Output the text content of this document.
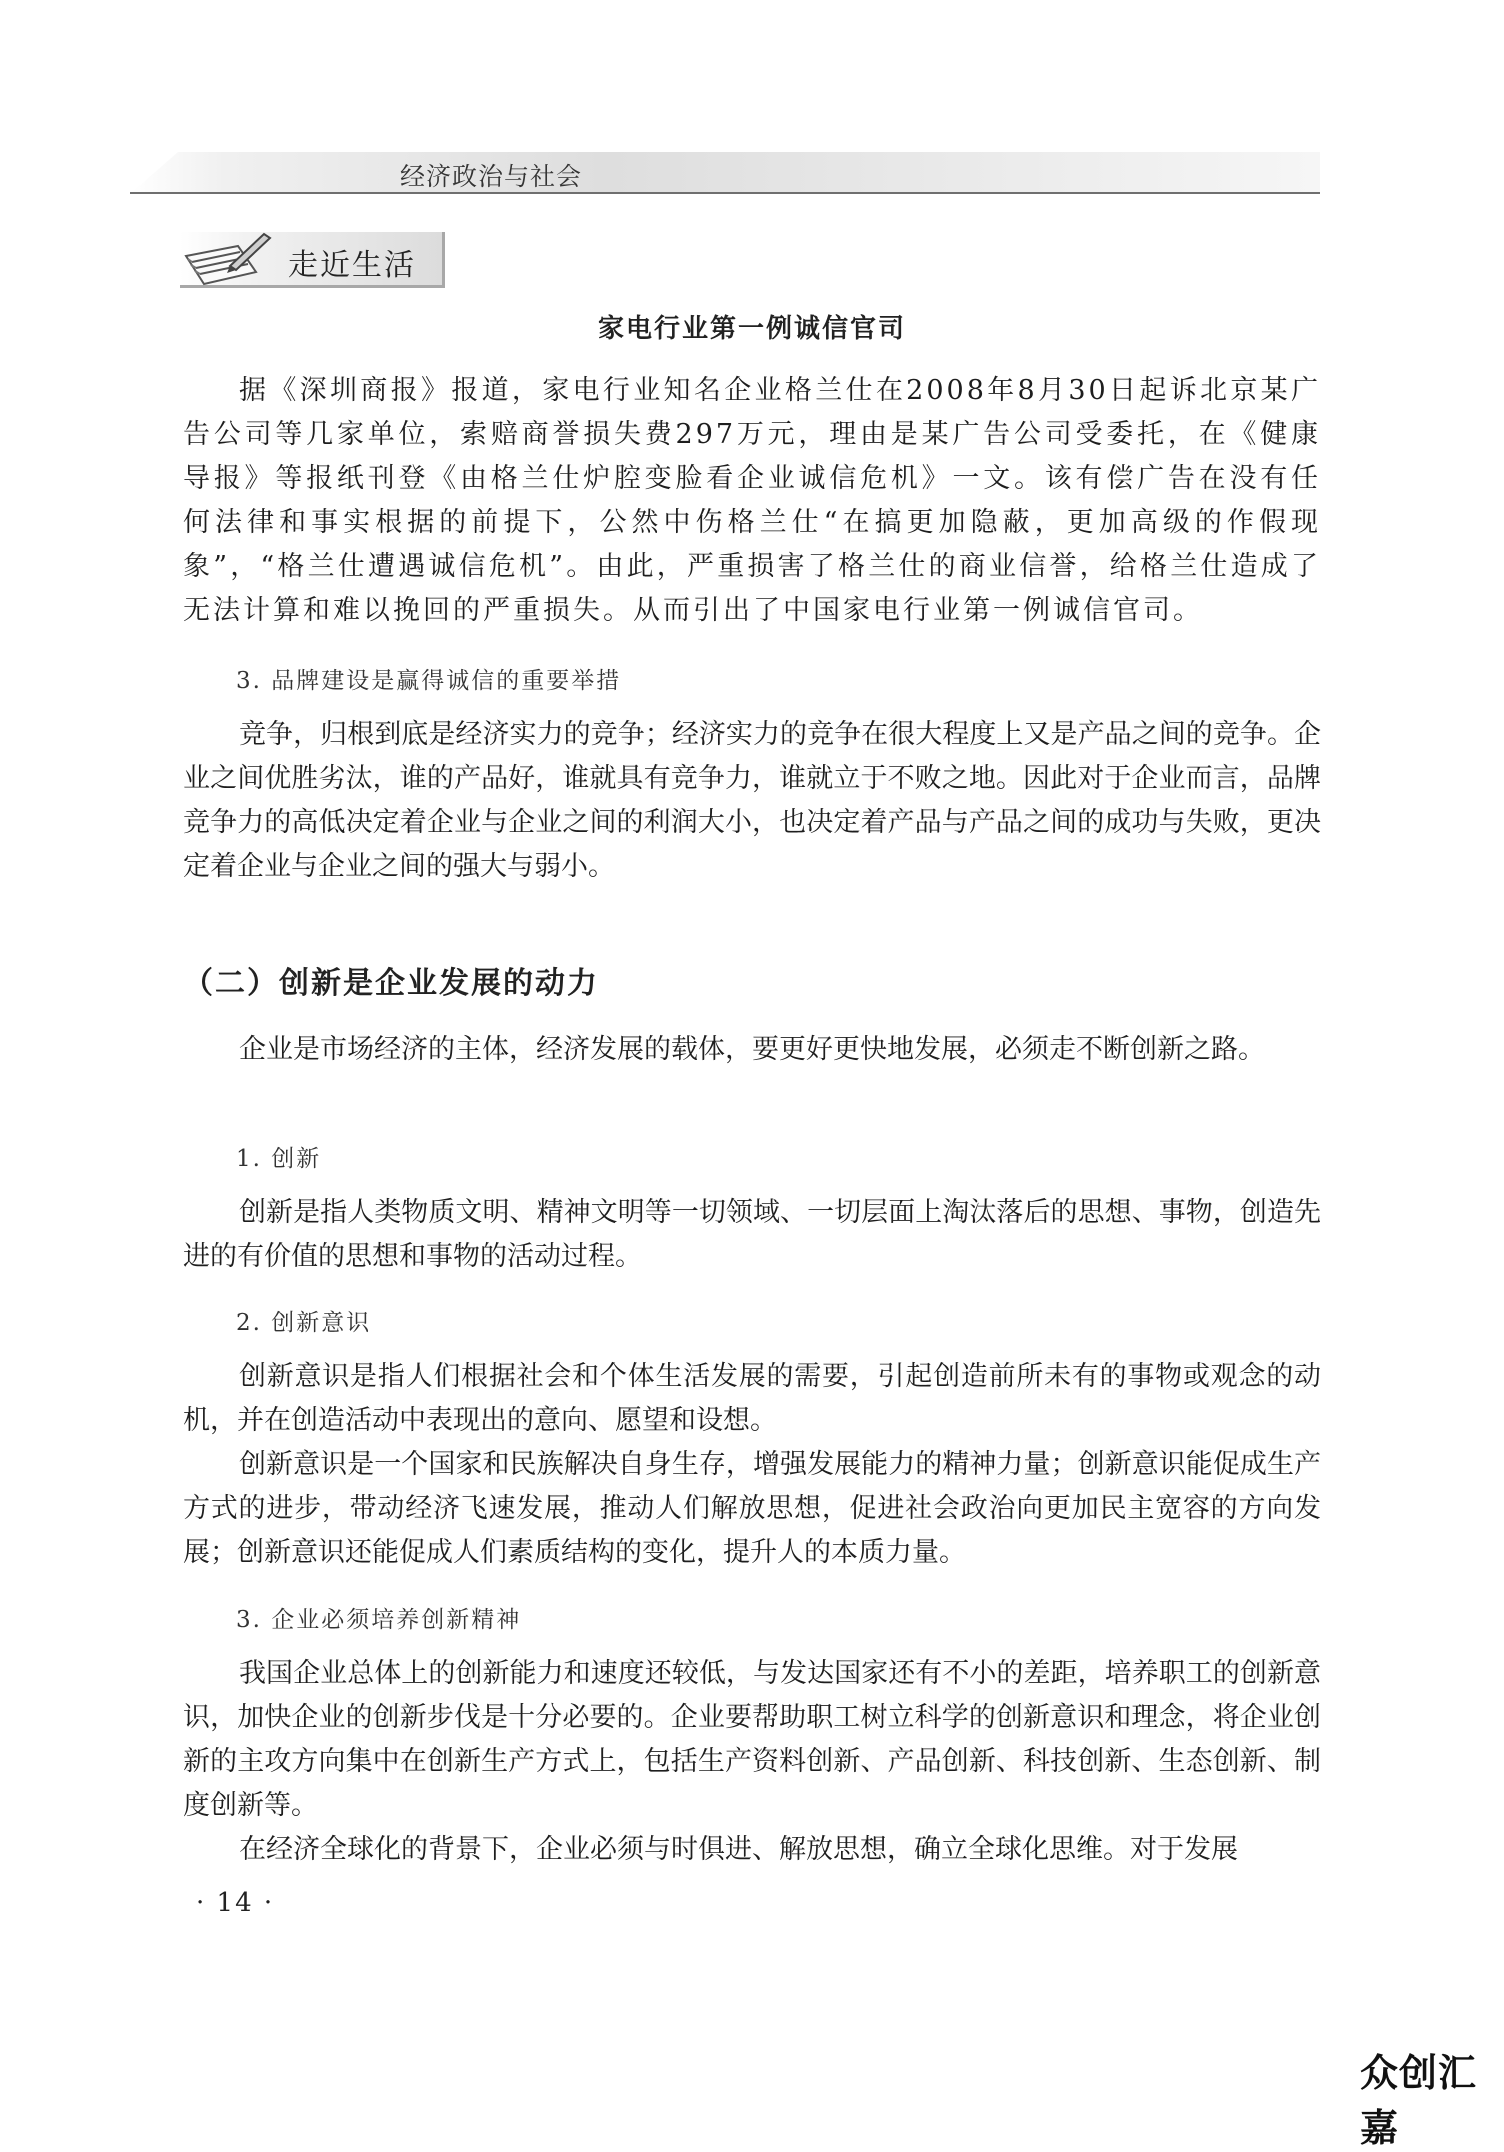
经济政治与社会
走近生活
家电行业第一例诚信官司

据《深圳商报》报道，家电行业知名企业格兰仕在2008年8月30日起诉北京某广告公司等几家单位，索赔商誉损失费297万元，理由是某广告公司受委托，在《健康导报》等报纸刊登《由格兰仕炉腔变脸看企业诚信危机》一文。该有偿广告在没有任何法律和事实根据的前提下，公然中伤格兰仕“在搞更加隐蔽，更加高级的作假现象”，“格兰仕遭遇诚信危机”。由此，严重损害了格兰仕的商业信誉，给格兰仕造成了无法计算和难以挽回的严重损失。从而引出了中国家电行业第一例诚信官司。

3. 品牌建设是赢得诚信的重要举措

竞争，归根到底是经济实力的竞争；经济实力的竞争在很大程度上又是产品之间的竞争。企业之间优胜劣汰，谁的产品好，谁就具有竞争力，谁就立于不败之地。因此对于企业而言，品牌竞争力的高低决定着企业与企业之间的利润大小，也决定着产品与产品之间的成功与失败，更决定着企业与企业之间的强大与弱小。

（二）创新是企业发展的动力

企业是市场经济的主体，经济发展的载体，要更好更快地发展，必须走不断创新之路。

1. 创新

创新是指人类物质文明、精神文明等一切领域、一切层面上淘汰落后的思想、事物，创造先进的有价值的思想和事物的活动过程。

2. 创新意识

创新意识是指人们根据社会和个体生活发展的需要，引起创造前所未有的事物或观念的动机，并在创造活动中表现出的意向、愿望和设想。

创新意识是一个国家和民族解决自身生存，增强发展能力的精神力量；创新意识能促成生产方式的进步，带动经济飞速发展，推动人们解放思想，促进社会政治向更加民主宽容的方向发展；创新意识还能促成人们素质结构的变化，提升人的本质力量。

3. 企业必须培养创新精神

我国企业总体上的创新能力和速度还较低，与发达国家还有不小的差距，培养职工的创新意识，加快企业的创新步伐是十分必要的。企业要帮助职工树立科学的创新意识和理念，将企业创新的主攻方向集中在创新生产方式上，包括生产资料创新、产品创新、科技创新、生态创新、制度创新等。

在经济全球化的背景下，企业必须与时俱进、解放思想，确立全球化思维。对于发展

· 14 ·
众创汇嘉
